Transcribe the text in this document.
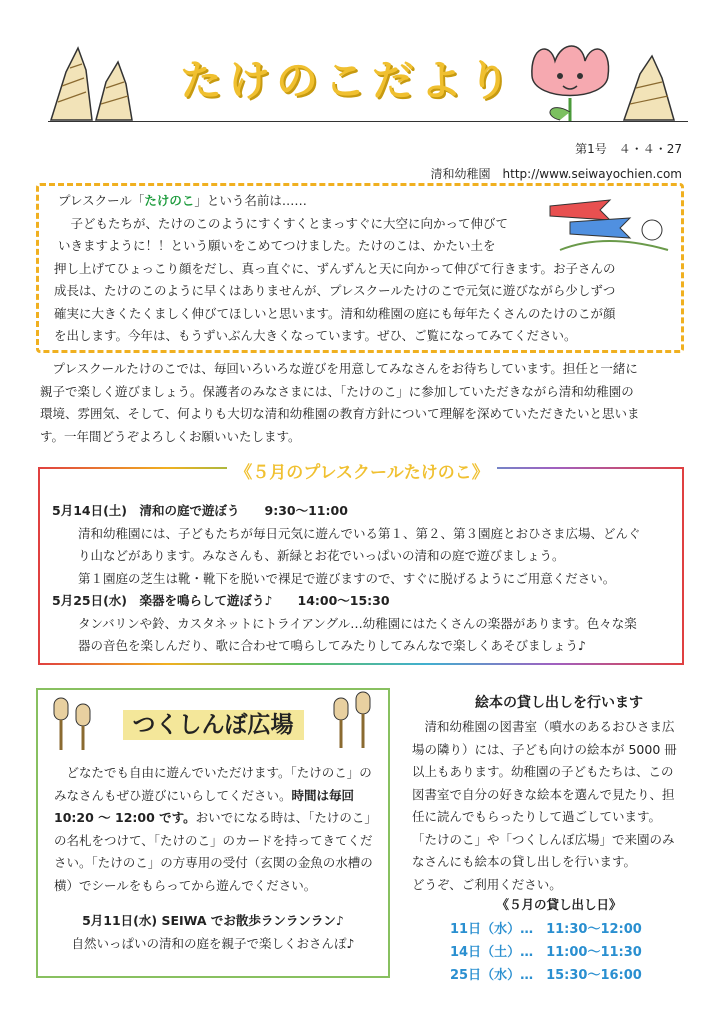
たけのこだより
第1号　４・４・27
清和幼稚園　http://www.seiwayochien.com
プレスクール「たけのこ」という名前は……
　子どもたちが、たけのこのようにすくすくとまっすぐに大空に向かって伸びて
いきますように！！という願いをこめてつけました。たけのこは、かたい土を
押し上げてひょっこり顔をだし、真っ直ぐに、ずんずんと天に向かって伸びて行きます。お子さんの
成長は、たけのこのように早くはありませんが、プレスクールたけのこで元気に遊びながら少しずつ
確実に大きくたくましく伸びてほしいと思います。清和幼稚園の庭にも毎年たくさんのたけのこが顔
を出します。今年は、もうずいぶん大きくなっています。ぜひ、ご覧になってみてください。
　プレスクールたけのこでは、毎回いろいろな遊びを用意してみなさんをお待ちしています。担任と一緒に
親子で楽しく遊びましょう。保護者のみなさまには、「たけのこ」に参加していただきながら清和幼稚園の
環境、雰囲気、そして、何よりも大切な清和幼稚園の教育方針について理解を深めていただきたいと思いま
す。一年間どうぞよろしくお願いいたします。
《５月のプレスクールたけのこ》
5月14日(土)　清和の庭で遊ぼう　　9:30～11:00
清和幼稚園には、子どもたちが毎日元気に遊んでいる第１、第２、第３園庭とおひさま広場、どんぐ
り山などがあります。みなさんも、新緑とお花でいっぱいの清和の庭で遊びましょう。
第１園庭の芝生は靴・靴下を脱いで裸足で遊びますので、すぐに脱げるようにご用意ください。
5月25日(水)　楽器を鳴らして遊ぼう♪　　14:00～15:30
タンバリンや鈴、カスタネットにトライアングル…幼稚園にはたくさんの楽器があります。色々な楽
器の音色を楽しんだり、歌に合わせて鳴らしてみたりしてみんなで楽しくあそびましょう♪
つくしんぼ広場
　どなたでも自由に遊んでいただけます。「たけのこ」の
みなさんもぜひ遊びにいらしてください。時間は毎回
10:20 ～ 12:00 です。おいでになる時は、「たけのこ」
の名札をつけて、「たけのこ」のカードを持ってきてくだ
さい。「たけのこ」の方専用の受付（玄関の金魚の水槽の
横）でシールをもらってから遊んでください。
5月11日(水) SEIWA でお散歩ランランラン♪
自然いっぱいの清和の庭を親子で楽しくおさんぽ♪
絵本の貸し出しを行います
　清和幼稚園の図書室（噴水のあるおひさま広
場の隣り）には、子ども向けの絵本が 5000 冊
以上もあります。幼稚園の子どもたちは、この
図書室で自分の好きな絵本を選んで見たり、担
任に読んでもらったりして過ごしています。
「たけのこ」や「つくしんぼ広場」で来園のみ
なさんにも絵本の貸し出しを行います。
どうぞ、ご利用ください。
《５月の貸し出し日》
11日（水）…　11:30～12:00
14日（土）…　11:00～11:30
25日（水）…　15:30～16:00
